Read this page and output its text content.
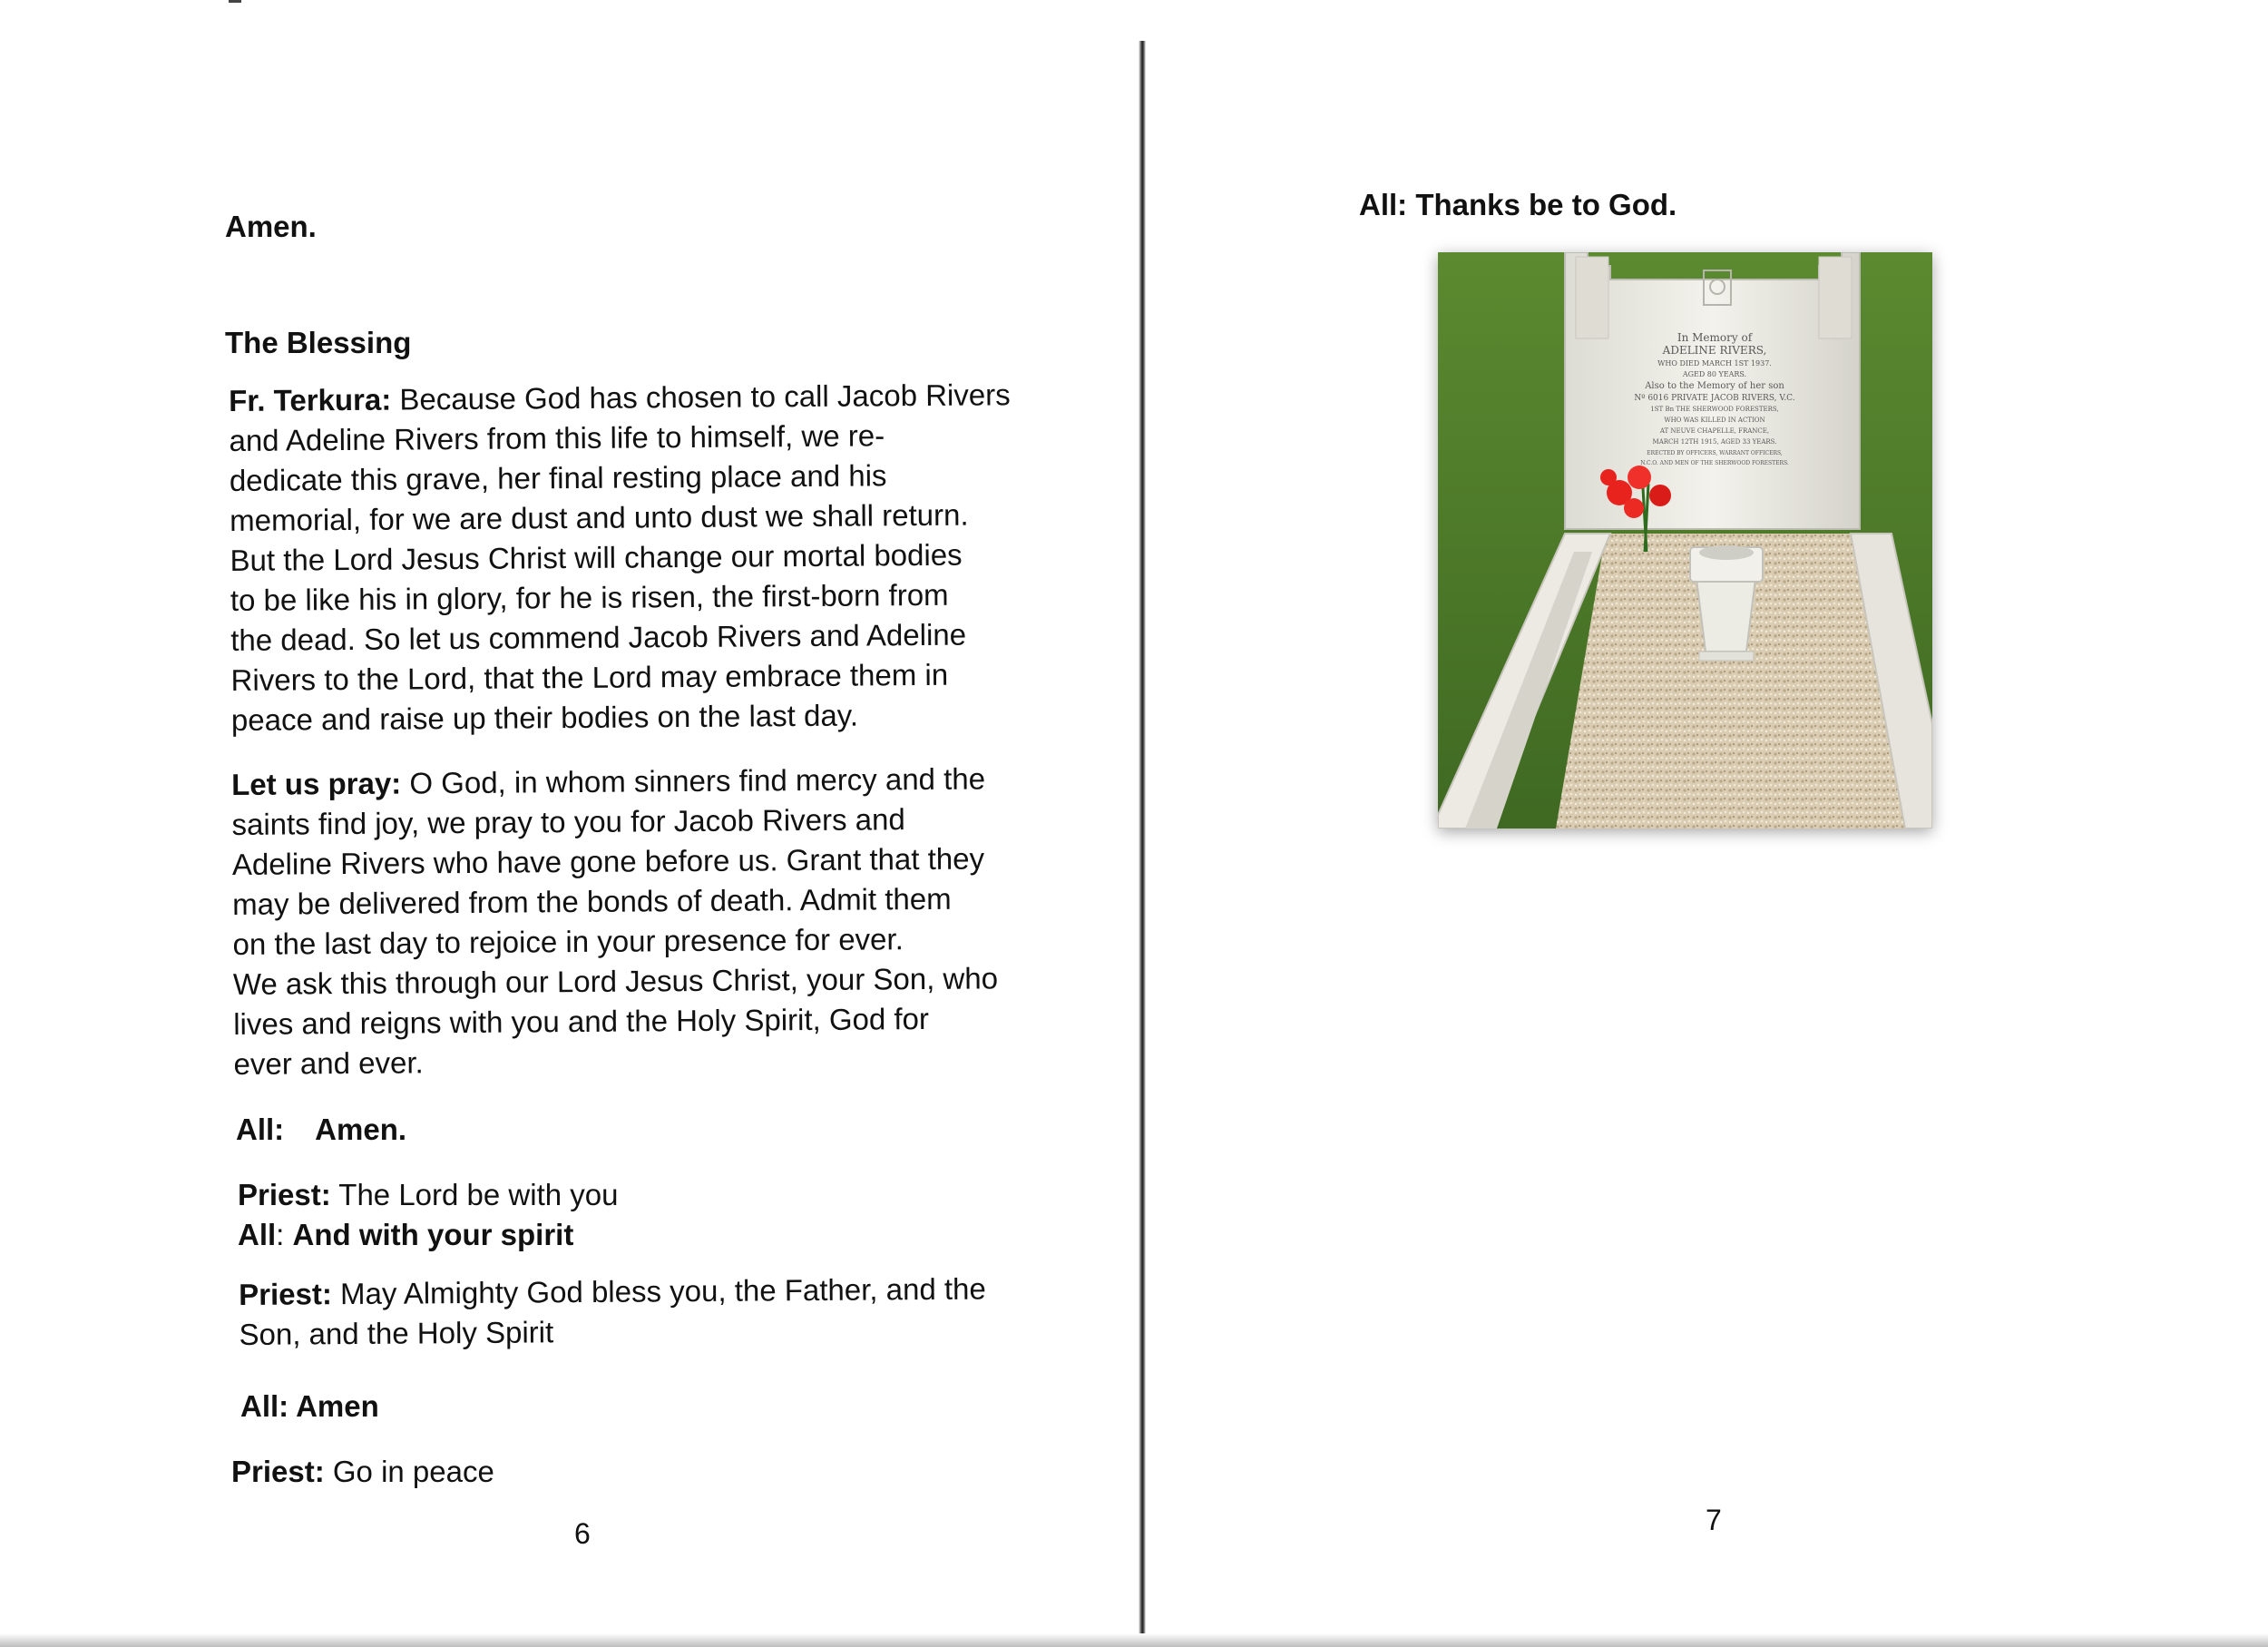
Amen.
The Blessing
Fr. Terkura: Because God has chosen to call Jacob Rivers
and Adeline Rivers from this life to himself, we re-
dedicate this grave, her final resting place and his
memorial, for we are dust and unto dust we shall return.
But the Lord Jesus Christ will change our mortal bodies
to be like his in glory, for he is risen, the first-born from
the dead. So let us commend Jacob Rivers and Adeline
Rivers to the Lord, that the Lord may embrace them in
peace and raise up their bodies on the last day.
Let us pray: O God, in whom sinners find mercy and the
saints find joy, we pray to you for Jacob Rivers and
Adeline Rivers who have gone before us. Grant that they
may be delivered from the bonds of death. Admit them
on the last day to rejoice in your presence for ever.
We ask this through our Lord Jesus Christ, your Son, who
lives and reigns with you and the Holy Spirit, God for
ever and ever.
All: Amen.
Priest: The Lord be with you
All: And with your spirit
Priest: May Almighty God bless you, the Father, and the
Son, and the Holy Spirit
All: Amen
Priest: Go in peace
6
All: Thanks be to God.
In Memory of
ADELINE RIVERS,
WHO DIED MARCH 1ST 1937.
AGED 80 YEARS.
Also to the Memory of her son
Nº 6016 PRIVATE JACOB RIVERS, V.C.
1ST Bn THE SHERWOOD FORESTERS,
WHO WAS KILLED IN ACTION
AT NEUVE CHAPELLE, FRANCE,
MARCH 12TH 1915, AGED 33 YEARS.
ERECTED BY OFFICERS, WARRANT OFFICERS,
N.C.O. AND MEN OF THE SHERWOOD FORESTERS.
7
